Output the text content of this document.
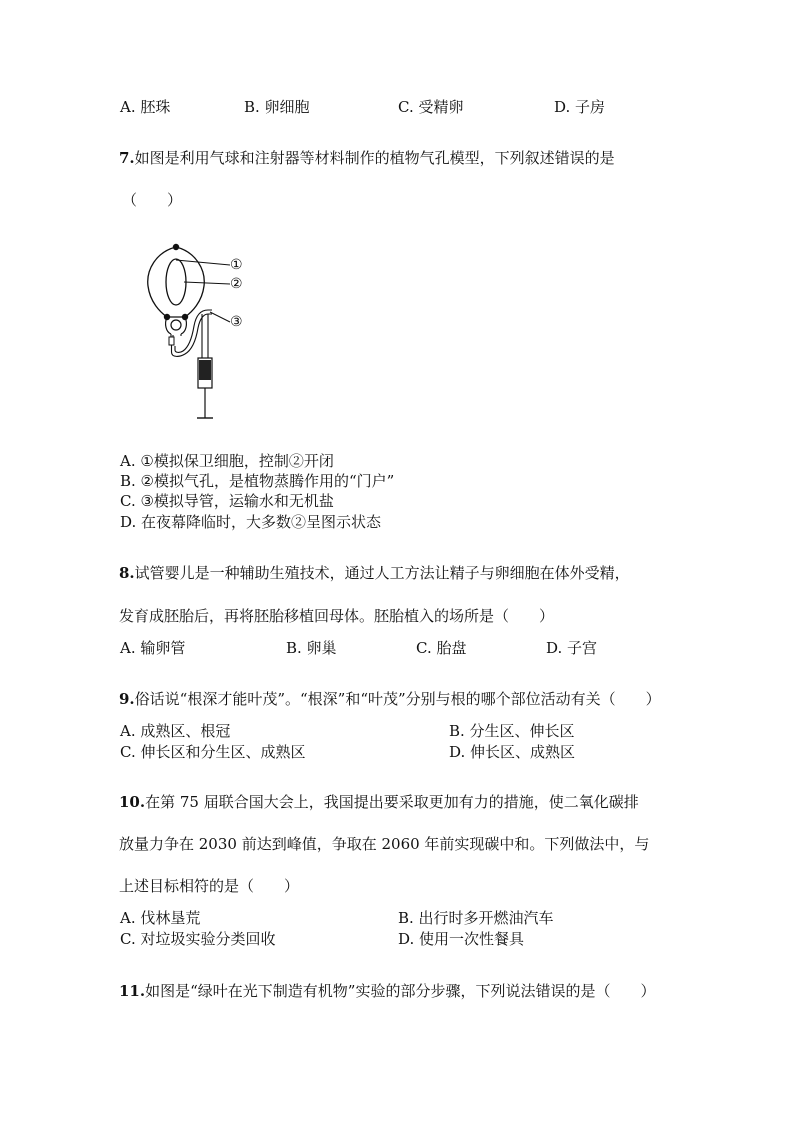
A. 胚珠	B. 卵细胞	C. 受精卵	D. 子房
7.如图是利用气球和注射器等材料制作的植物气孔模型，下列叙述错误的是
（　　）
①
②
③
A. ①模拟保卫细胞，控制②开闭
B. ②模拟气孔，是植物蒸腾作用的“门户”
C. ③模拟导管，运输水和无机盐
D. 在夜幕降临时，大多数②呈图示状态
8.试管婴儿是一种辅助生殖技术，通过人工方法让精子与卵细胞在体外受精，
发育成胚胎后，再将胚胎移植回母体。胚胎植入的场所是（　　）
A. 输卵管	B. 卵巢	C. 胎盘	D. 子宫
9.俗话说“根深才能叶茂”。“根深”和“叶茂”分别与根的哪个部位活动有关（　　）
A. 成熟区、根冠	B. 分生区、伸长区
C. 伸长区和分生区、成熟区	D. 伸长区、成熟区
10.在第 75 届联合国大会上，我国提出要采取更加有力的措施，使二氧化碳排
放量力争在 2030 前达到峰值，争取在 2060 年前实现碳中和。下列做法中，与
上述目标相符的是（　　）
A. 伐林垦荒	B. 出行时多开燃油汽车
C. 对垃圾实验分类回收	D. 使用一次性餐具
11.如图是“绿叶在光下制造有机物”实验的部分步骤，下列说法错误的是（　　）
